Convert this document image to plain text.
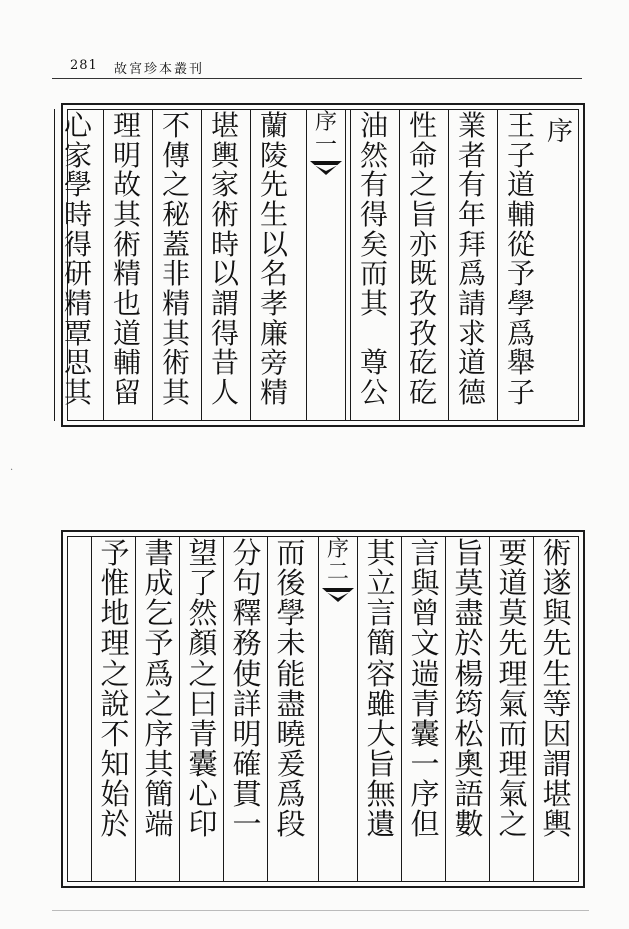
281 故宮珍本叢刊
序
王
子
道
輔
從
予
學
爲
舉
子
業
者
有
年
拜
爲
請
求
道
德
性
命
之
旨
亦
既
孜
孜
矻
矻
油
然
有
得
矣
而
其

尊
公
序
一
蘭
陵
先
生
以
名
孝
廉
旁
精
堪
輿
家
術
時
以
謂
得
昔
人
不
傳
之
秘
蓋
非
精
其
術
其
理
明
故
其
術
精
也
道
輔
留
心
家
學
時
得
研
精
覃
思
其
.
術
遂
與
先
生
等
因
謂
堪
輿
要
道
莫
先
理
氣
而
理
氣
之
旨
莫
盡
於
楊
筠
松
奧
語
數
言
與
曾
文
遄
青
囊
一
序
但
其
立
言
簡
容
雖
大
旨
無
遺
序
二
而
後
學
未
能
盡
曉
爰
爲
段
分
句
釋
務
使
詳
明
確
貫
一
望
了
然
顏
之
曰
青
囊
心
印
書
成
乞
予
爲
之
序
其
簡
端
予
惟
地
理
之
說
不
知
始
於
